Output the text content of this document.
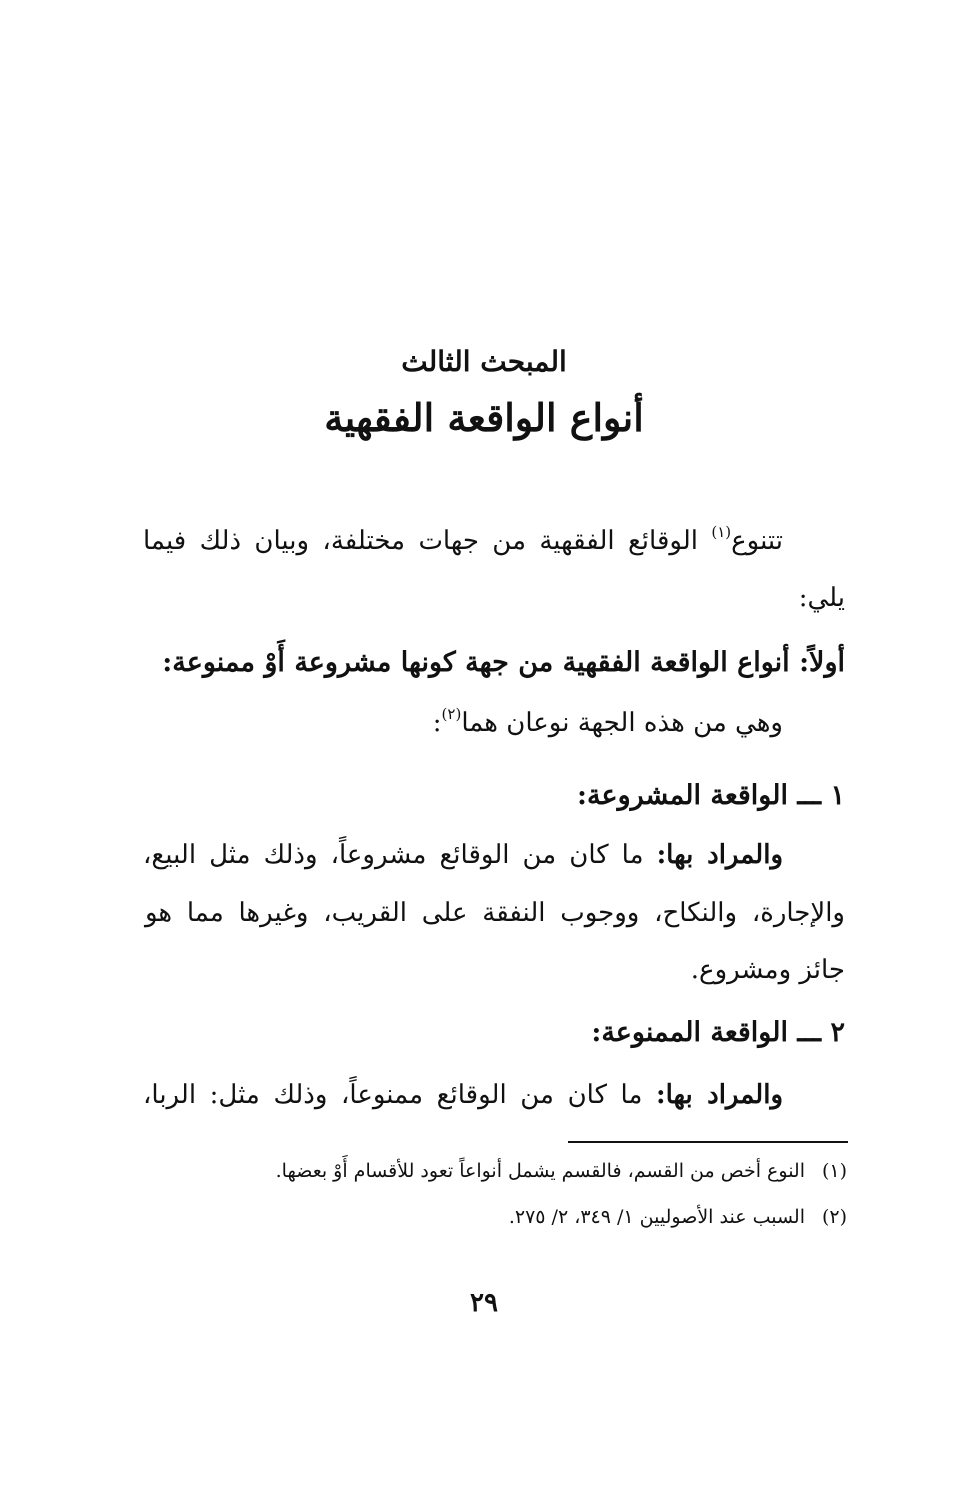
المبحث الثالث
أنواع الواقعة الفقهية
تتنوع$^{(١)}$ الوقائع الفقهية من جهات مختلفة، وبيان ذلك فيما
يلي:
أولاً: أنواع الواقعة الفقهية من جهة كونها مشروعة أَوْ ممنوعة:
وهي من هذه الجهة نوعان هما$^{(٢)}$:
١ ـــ الواقعة المشروعة:
والمراد بها: ما كان من الوقائع مشروعاً، وذلك مثل البيع،
والإجارة، والنكاح، ووجوب النفقة على القريب، وغيرها مما هو
جائز ومشروع.
٢ ـــ الواقعة الممنوعة:
والمراد بها: ما كان من الوقائع ممنوعاً، وذلك مثل: الربا،
(١)النوع أخص من القسم، فالقسم يشمل أنواعاً تعود للأقسام أَوْ بعضها.
(٢)السبب عند الأصوليين ١/ ٣٤٩، ٢/ ٢٧٥.
٢٩
